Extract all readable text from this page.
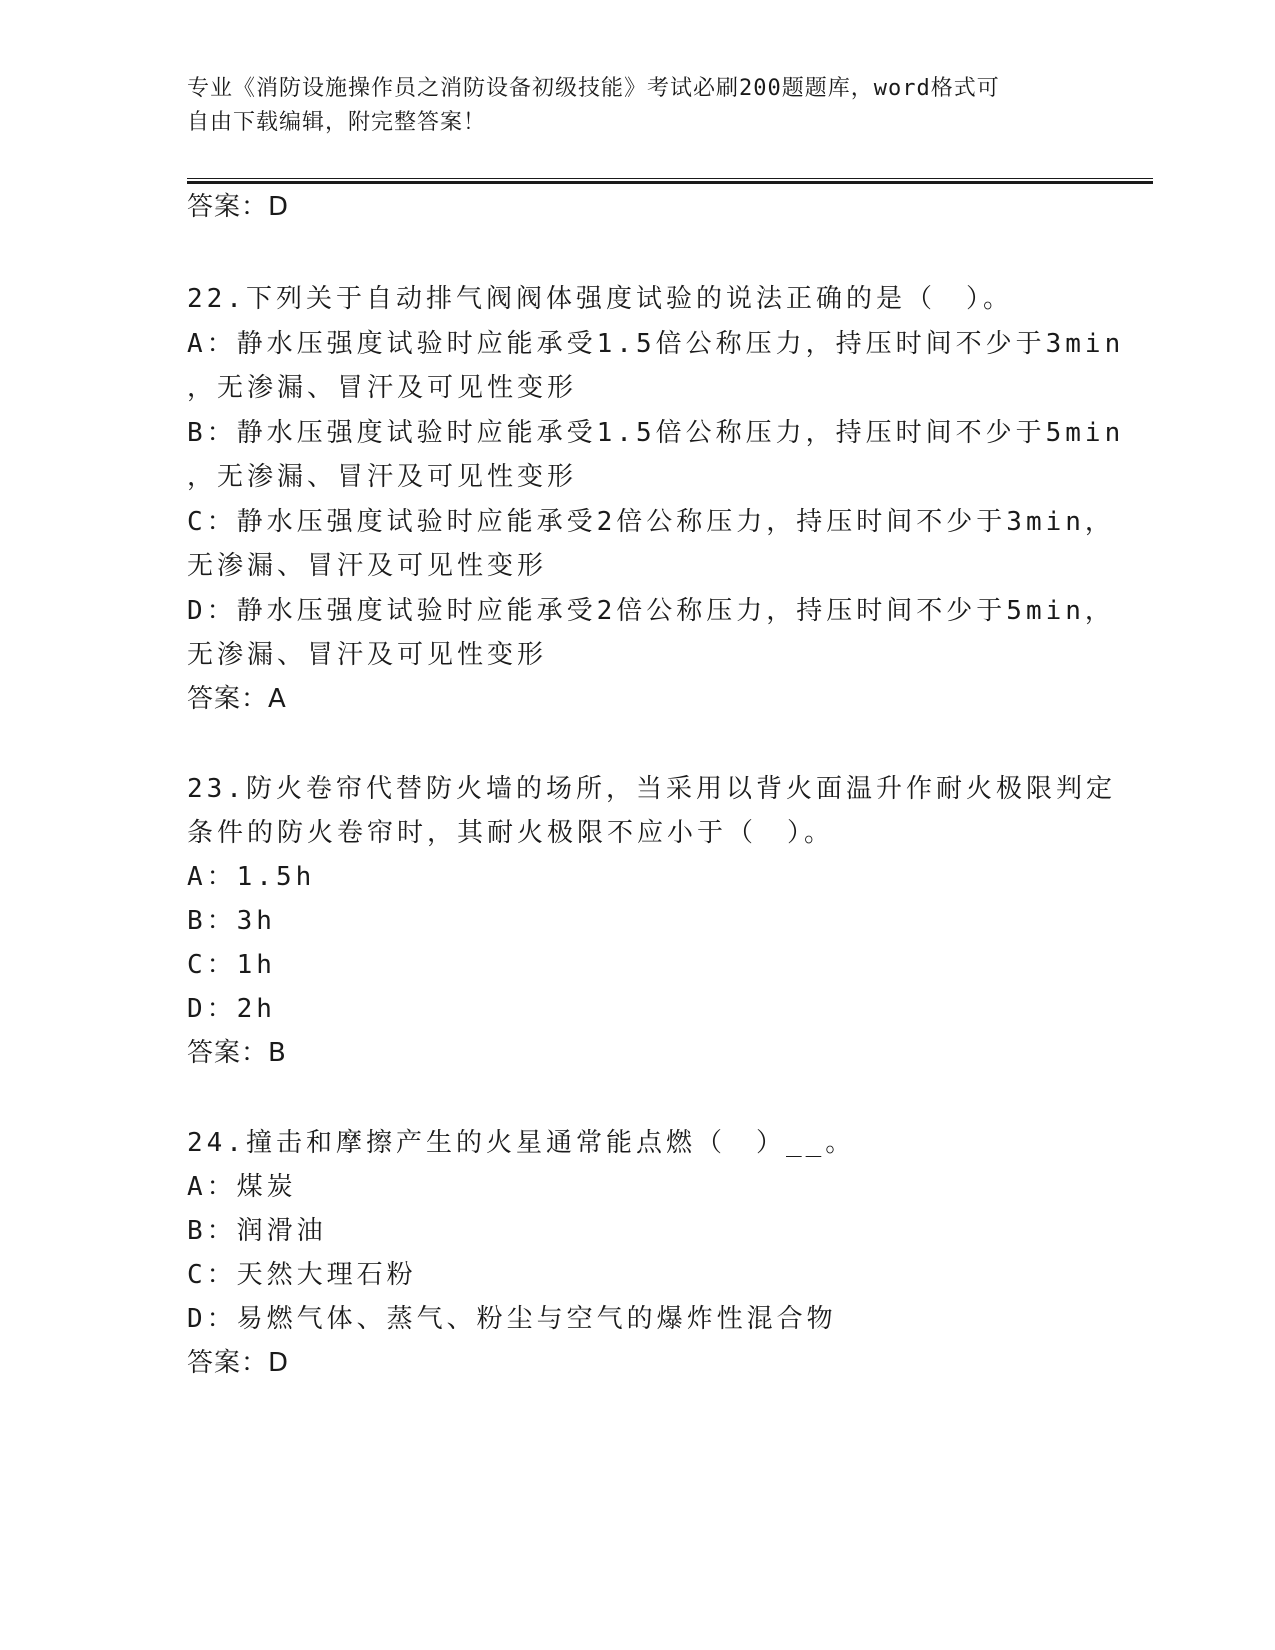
专业《消防设施操作员之消防设备初级技能》考试必刷200题题库，word格式可
自由下载编辑，附完整答案！
答案：D
22.下列关于自动排气阀阀体强度试验的说法正确的是（　）。
A：静水压强度试验时应能承受1.5倍公称压力，持压时间不少于3min
，无渗漏、冒汗及可见性变形
B：静水压强度试验时应能承受1.5倍公称压力，持压时间不少于5min
，无渗漏、冒汗及可见性变形
C：静水压强度试验时应能承受2倍公称压力，持压时间不少于3min，
无渗漏、冒汗及可见性变形
D：静水压强度试验时应能承受2倍公称压力，持压时间不少于5min，
无渗漏、冒汗及可见性变形
答案：A
23.防火卷帘代替防火墙的场所，当采用以背火面温升作耐火极限判定
条件的防火卷帘时，其耐火极限不应小于（　）。
A：1.5h
B：3h
C：1h
D：2h
答案：B
24.撞击和摩擦产生的火星通常能点燃（　）__。
A：煤炭
B：润滑油
C：天然大理石粉
D：易燃气体、蒸气、粉尘与空气的爆炸性混合物
答案：D
